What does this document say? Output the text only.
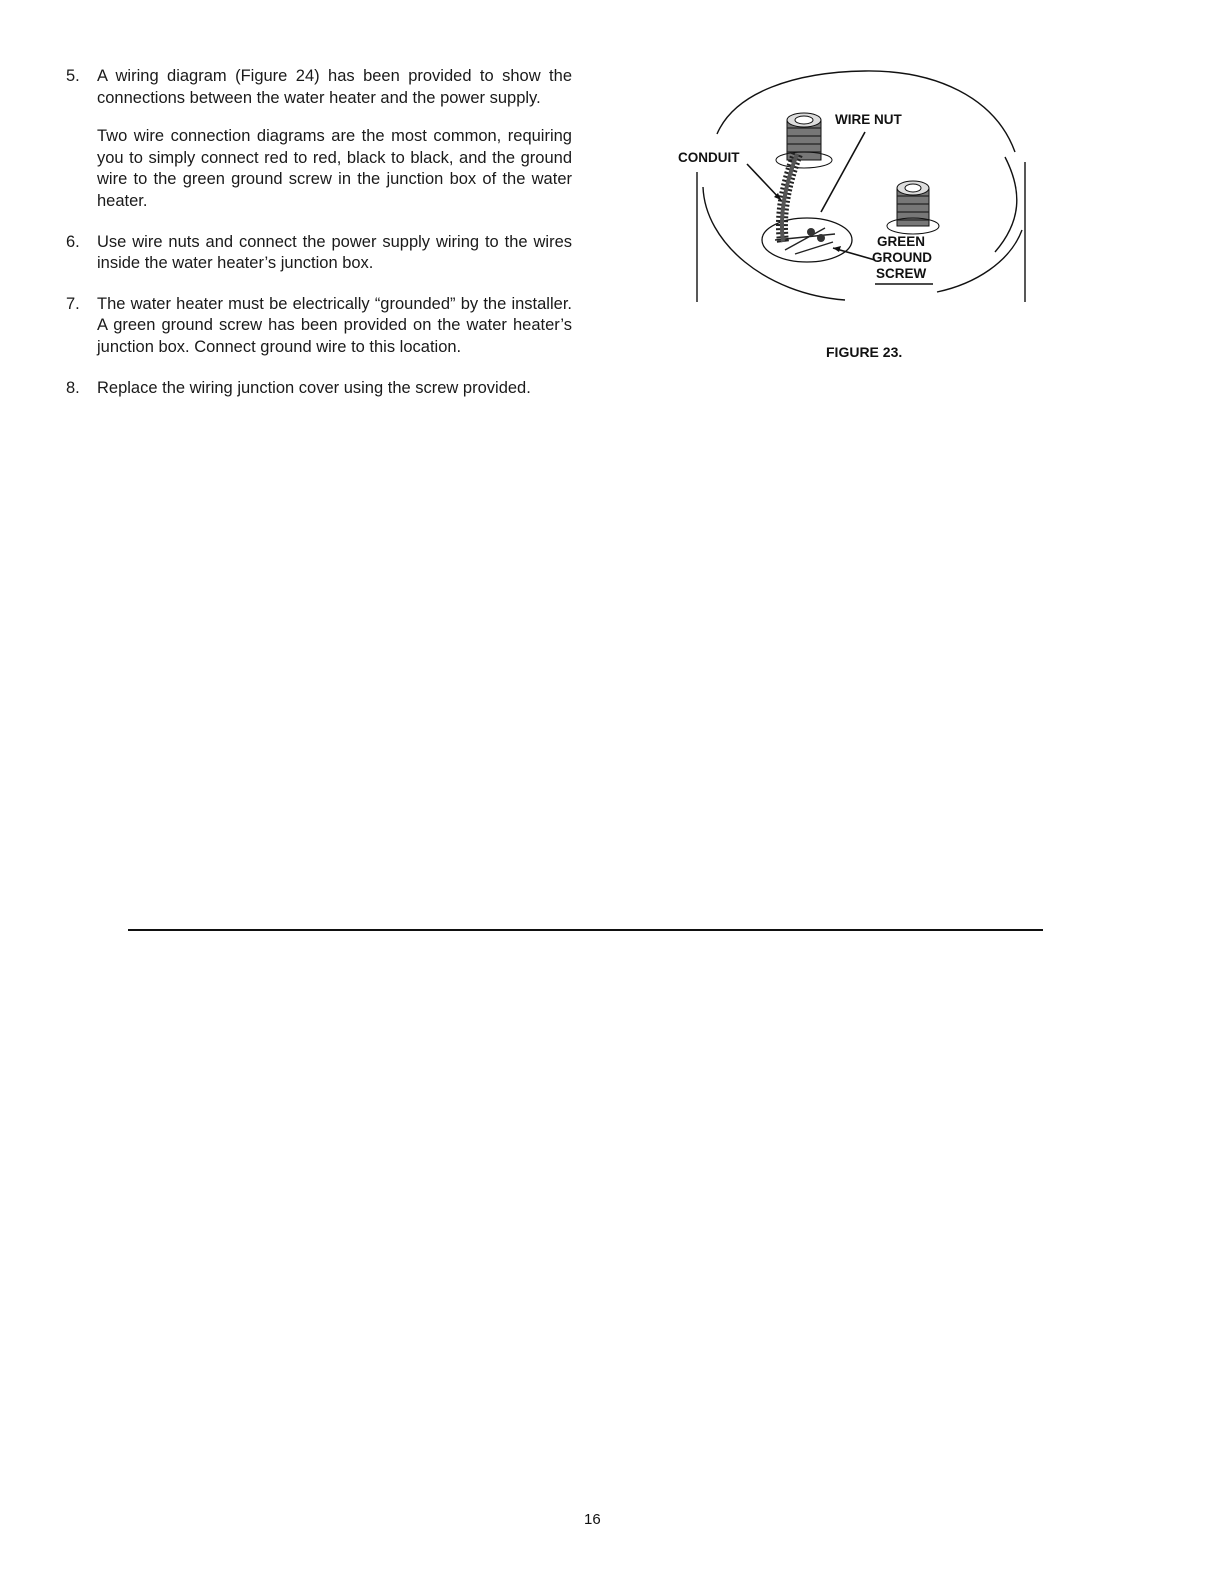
5. A wiring diagram (Figure 24) has been provided to show the connections between the water heater and the power supply.

Two wire connection diagrams are the most common, requiring you to simply connect red to red, black to black, and the ground wire to the green ground screw in the junction box of the water heater.

6. Use wire nuts and connect the power supply wiring to the wires inside the water heater’s junction box.

7. The water heater must be electrically “grounded” by the installer. A green ground screw has been provided on the water heater’s junction box. Connect ground wire to this location.

8. Replace the wiring junction cover using the screw provided.

WIRE NUT
CONDUIT
GREEN
GROUND
SCREW
FIGURE 23.
16
